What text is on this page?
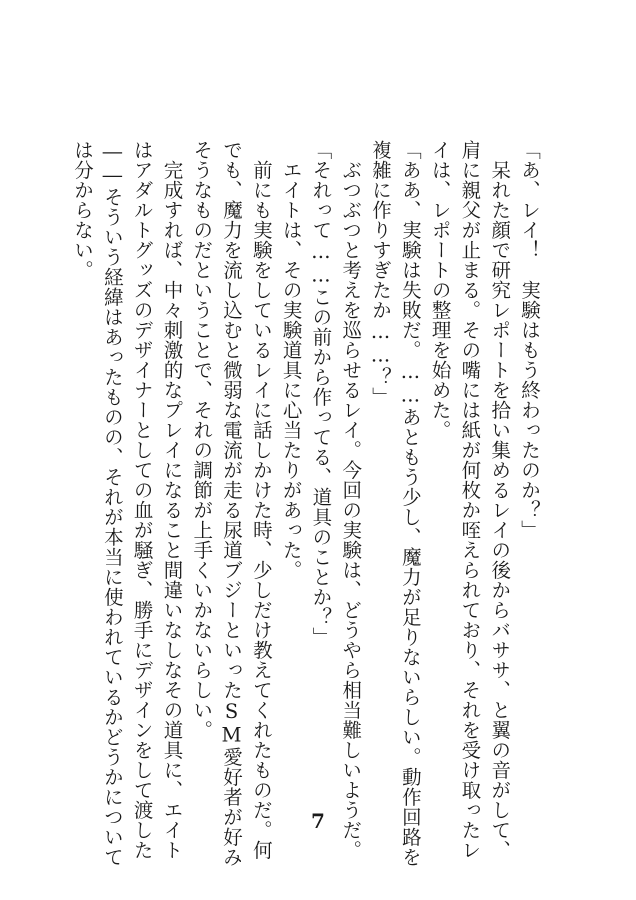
「あ、レイ！　実験はもう終わったのか？」
　呆れた顔で研究レポートを拾い集めるレイの後からバササ、と翼の音がして、
肩に親父が止まる。その嘴には紙が何枚か咥えられており、それを受け取ったレ
イは、レポートの整理を始めた。
「ああ、実験は失敗だ。……あともう少し、魔力が足りないらしい。動作回路を
複雑に作りすぎたか……？」
　ぶつぶつと考えを巡らせるレイ。今回の実験は、どうやら相当難しいようだ。
「それって……この前から作ってる、道具のことか？」
　エイトは、その実験道具に心当たりがあった。
　前にも実験をしているレイに話しかけた時、少しだけ教えてくれたものだ。何
でも、魔力を流し込むと微弱な電流が走る尿道ブジーといったSM愛好者が好み
そうなものだということで、それの調節が上手くいかないらしい。
　完成すれば、中々刺激的なプレイになること間違いなしなその道具に、エイト
はアダルトグッズのデザイナーとしての血が騒ぎ、勝手にデザインをして渡した
――そういう経緯はあったものの、それが本当に使われているかどうかについて
は分からない。
7
